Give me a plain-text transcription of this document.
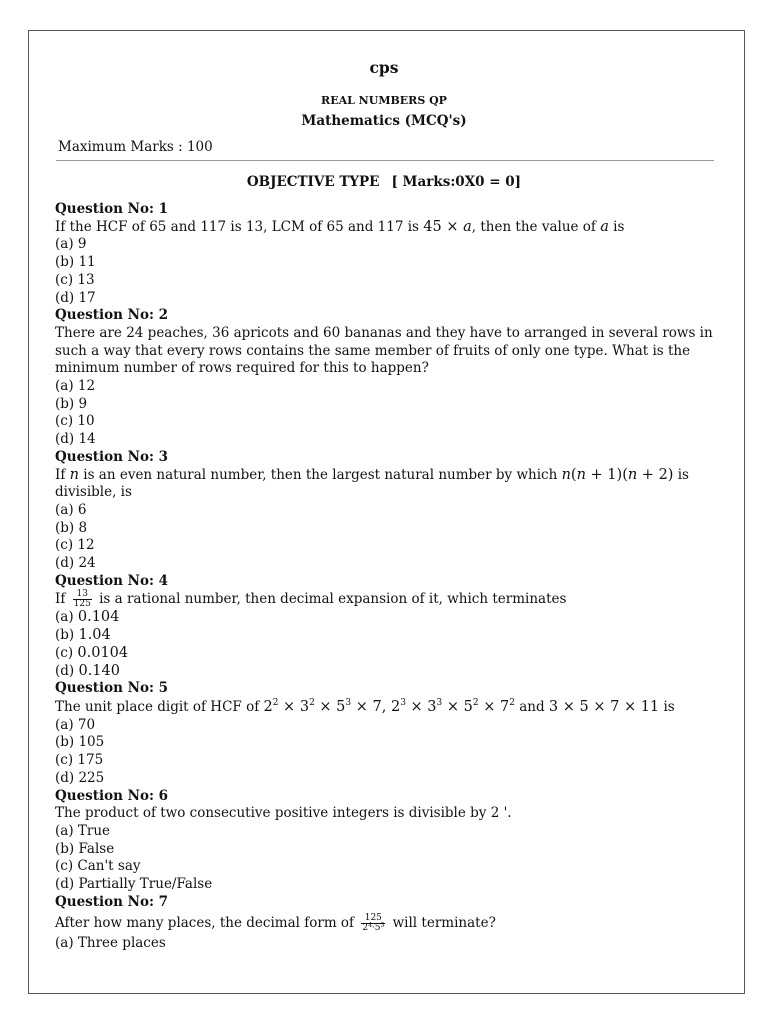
cps
REAL NUMBERS QP
Mathematics (MCQ's)
Maximum Marks : 100
OBJECTIVE TYPE [ Marks:0X0 = 0]
Question No: 1
If the HCF of 65 and 117 is 13, LCM of 65 and 117 is 45 × a, then the value of a is
(a) 9
(b) 11
(c) 13
(d) 17
Question No: 2
There are 24 peaches, 36 apricots and 60 bananas and they have to arranged in several rows in such a way that every rows contains the same member of fruits of only one type. What is the minimum number of rows required for this to happen?
(a) 12
(b) 9
(c) 10
(d) 14
Question No: 3
If n is an even natural number, then the largest natural number by which n(n + 1)(n + 2) is
divisible, is
(a) 6
(b) 8
(c) 12
(d) 24
Question No: 4
If $\frac{13}{125}$ is a rational number, then decimal expansion of it, which terminates
(a) 0.104
(b) 1.04
(c) 0.0104
(d) 0.140
Question No: 5
The unit place digit of HCF of $2^2 \times 3^2 \times 5^3 \times 7$, $2^3 \times 3^3 \times 5^2 \times 7^2$ and 3 × 5 × 7 × 11 is
(a) 70
(b) 105
(c) 175
(d) 225
Question No: 6
The product of two consecutive positive integers is divisible by 2 '.
(a) True
(b) False
(c) Can't say
(d) Partially True/False
Question No: 7
After how many places, the decimal form of $\frac{125}{2^4\cdot 5^3}$ will terminate?
(a) Three places
